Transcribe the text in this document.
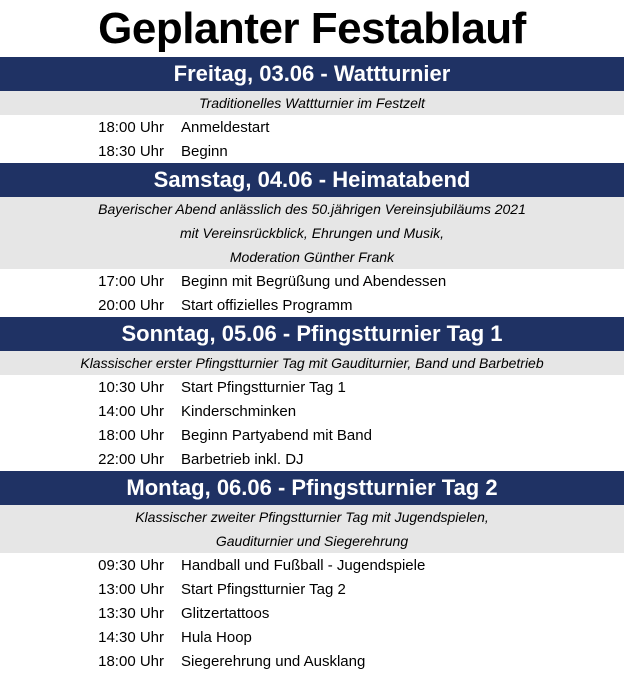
Geplanter Festablauf
Freitag, 03.06 - Wattturnier
Traditionelles Wattturnier im Festzelt
18:00 Uhr	Anmeldestart
18:30 Uhr	Beginn
Samstag, 04.06 - Heimatabend
Bayerischer Abend anlässlich des 50.jährigen Vereinsjubiläums 2021
mit Vereinsrückblick, Ehrungen und Musik,
Moderation Günther Frank
17:00 Uhr	Beginn mit Begrüßung und Abendessen
20:00 Uhr	Start offizielles Programm
Sonntag, 05.06 - Pfingstturnier Tag 1
Klassischer erster Pfingstturnier Tag mit Gauditurnier, Band und Barbetrieb
10:30 Uhr	Start Pfingstturnier Tag 1
14:00 Uhr	Kinderschminken
18:00 Uhr	Beginn Partyabend mit Band
22:00 Uhr	Barbetrieb inkl. DJ
Montag, 06.06 - Pfingstturnier Tag 2
Klassischer zweiter Pfingstturnier Tag mit Jugendspielen,
Gauditurnier und Siegerehrung
09:30 Uhr	Handball und Fußball - Jugendspiele
13:00 Uhr	Start Pfingstturnier Tag 2
13:30 Uhr	Glitzertattoos
14:30 Uhr	Hula Hoop
18:00 Uhr	Siegerehrung und Ausklang
